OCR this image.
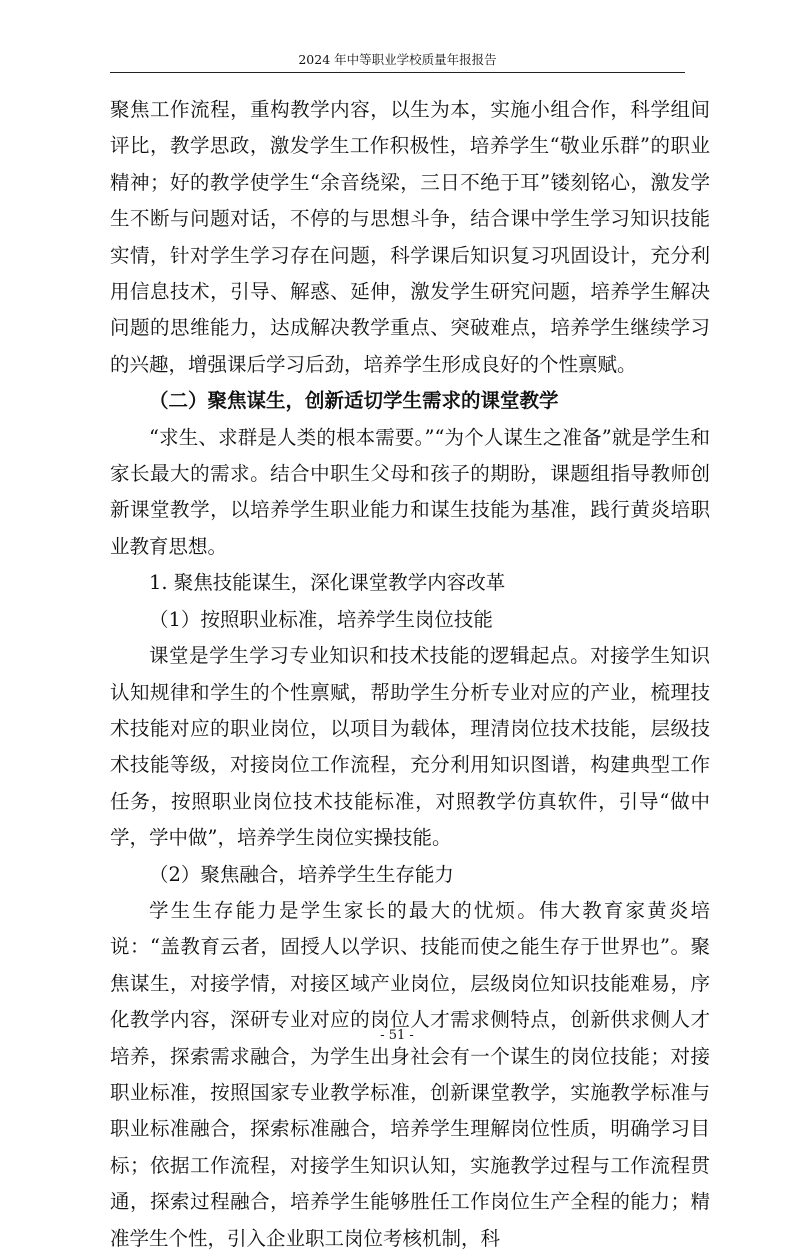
2024 年中等职业学校质量年报报告

聚焦工作流程，重构教学内容，以生为本，实施小组合作，科学组间评比，教学思政，激发学生工作积极性，培养学生“敬业乐群”的职业精神；好的教学使学生“余音绕梁，三日不绝于耳”镂刻铭心，激发学生不断与问题对话，不停的与思想斗争，结合课中学生学习知识技能实情，针对学生学习存在问题，科学课后知识复习巩固设计，充分利用信息技术，引导、解惑、延伸，激发学生研究问题，培养学生解决问题的思维能力，达成解决教学重点、突破难点，培养学生继续学习的兴趣，增强课后学习后劲，培养学生形成良好的个性禀赋。

（二）聚焦谋生，创新适切学生需求的课堂教学

“求生、求群是人类的根本需要。”“为个人谋生之准备”就是学生和家长最大的需求。结合中职生父母和孩子的期盼，课题组指导教师创新课堂教学，以培养学生职业能力和谋生技能为基准，践行黄炎培职业教育思想。

1. 聚焦技能谋生，深化课堂教学内容改革

（1）按照职业标准，培养学生岗位技能

课堂是学生学习专业知识和技术技能的逻辑起点。对接学生知识认知规律和学生的个性禀赋，帮助学生分析专业对应的产业，梳理技术技能对应的职业岗位，以项目为载体，理清岗位技术技能，层级技术技能等级，对接岗位工作流程，充分利用知识图谱，构建典型工作任务，按照职业岗位技术技能标准，对照教学仿真软件，引导“做中学，学中做”，培养学生岗位实操技能。

（2）聚焦融合，培养学生生存能力

学生生存能力是学生家长的最大的忧烦。伟大教育家黄炎培说：“盖教育云者，固授人以学识、技能而使之能生存于世界也”。聚焦谋生，对接学情，对接区域产业岗位，层级岗位知识技能难易，序化教学内容，深研专业对应的岗位人才需求侧特点，创新供求侧人才培养，探索需求融合，为学生出身社会有一个谋生的岗位技能；对接职业标准，按照国家专业教学标准，创新课堂教学，实施教学标准与职业标准融合，探索标准融合，培养学生理解岗位性质，明确学习目标；依据工作流程，对接学生知识认知，实施教学过程与工作流程贯通，探索过程融合，培养学生能够胜任工作岗位生产全程的能力；精准学生个性，引入企业职工岗位考核机制，科

- 51 -
